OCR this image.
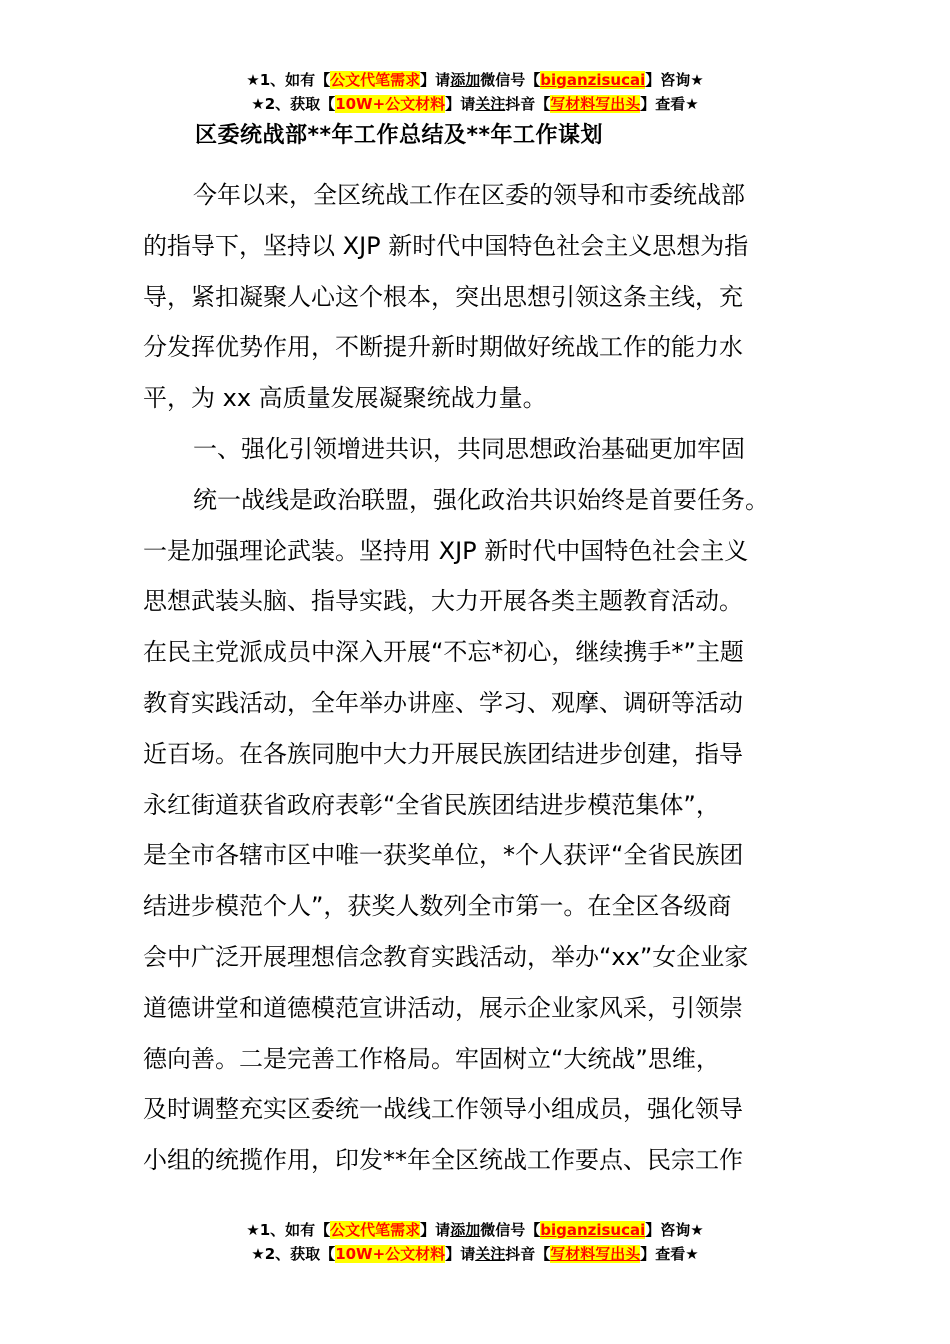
★1、如有【公文代笔需求】请添加微信号【biganzisucai】咨询★
★2、获取【10W+公文材料】请关注抖音【写材料写出头】查看★
区委统战部**年工作总结及**年工作谋划
今年以来，全区统战工作在区委的领导和市委统战部
的指导下，坚持以 XJP 新时代中国特色社会主义思想为指
导，紧扣凝聚人心这个根本，突出思想引领这条主线，充
分发挥优势作用，不断提升新时期做好统战工作的能力水
平，为 xx 高质量发展凝聚统战力量。
一、强化引领增进共识，共同思想政治基础更加牢固
统一战线是政治联盟，强化政治共识始终是首要任务。
一是加强理论武装。坚持用 XJP 新时代中国特色社会主义
思想武装头脑、指导实践，大力开展各类主题教育活动。
在民主党派成员中深入开展“不忘*初心，继续携手*”主题
教育实践活动，全年举办讲座、学习、观摩、调研等活动
近百场。在各族同胞中大力开展民族团结进步创建，指导
永红街道获省政府表彰“全省民族团结进步模范集体”，
是全市各辖市区中唯一获奖单位，*个人获评“全省民族团
结进步模范个人”，获奖人数列全市第一。在全区各级商
会中广泛开展理想信念教育实践活动，举办“xx”女企业家
道德讲堂和道德模范宣讲活动，展示企业家风采，引领崇
德向善。二是完善工作格局。牢固树立“大统战”思维，
及时调整充实区委统一战线工作领导小组成员，强化领导
小组的统揽作用，印发**年全区统战工作要点、民宗工作
★1、如有【公文代笔需求】请添加微信号【biganzisucai】咨询★
★2、获取【10W+公文材料】请关注抖音【写材料写出头】查看★
